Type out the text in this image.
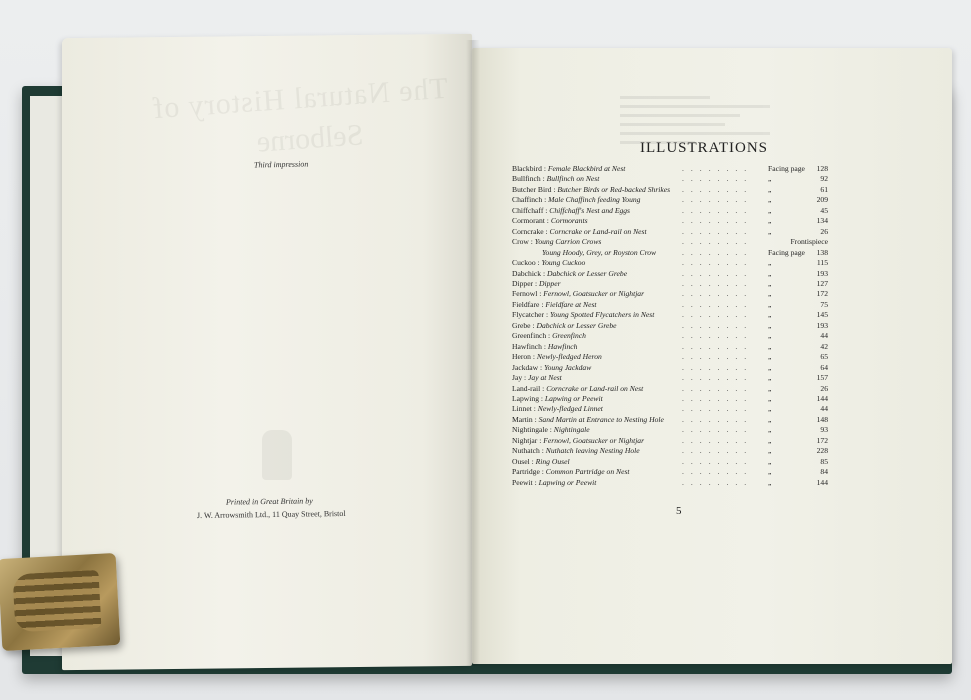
The Natural History of
Selborne
Third impression
Printed in Great Britain by
J. W. Arrowsmith Ltd., 11 Quay Street, Bristol
ILLUSTRATIONS
Blackbird : Female Blackbird at Nest	........	Facing page 128
Bullfinch : Bullfinch on Nest	........	„	92
Butcher Bird : Butcher Birds or Red-backed Shrikes ........	„	61
Chaffinch : Male Chaffinch feeding Young	........	„	209
Chiffchaff : Chiffchaff's Nest and Eggs	........	„	45
Cormorant : Cormorants	........	„	134
Corncrake : Corncrake or Land-rail on Nest	........	„	26
Crow : Young Carrion Crows	........	Frontispiece
Young Hoody, Grey, or Royston Crow	........	Facing page 138
Cuckoo : Young Cuckoo	........	„	115
Dabchick : Dabchick or Lesser Grebe	........	„	193
Dipper : Dipper	........	„	127
Fernowl : Fernowl, Goatsucker or Nightjar	........	„	172
Fieldfare : Fieldfare at Nest	........	„	75
Flycatcher : Young Spotted Flycatchers in Nest	........	„	145
Grebe : Dabchick or Lesser Grebe	........	„	193
Greenfinch : Greenfinch	........	„	44
Hawfinch : Hawfinch	........	„	42
Heron : Newly-fledged Heron	........	„	65
Jackdaw : Young Jackdaw	........	„	64
Jay : Jay at Nest	........	„	157
Land-rail : Corncrake or Land-rail on Nest	........	„	26
Lapwing : Lapwing or Peewit	........	„	144
Linnet : Newly-fledged Linnet	........	„	44
Martin : Sand Martin at Entrance to Nesting Hole ........	„	148
Nightingale : Nightingale	........	„	93
Nightjar : Fernowl, Goatsucker or Nightjar	........	„	172
Nuthatch : Nuthatch leaving Nesting Hole	........	„	228
Ousel : Ring Ousel	........	„	85
Partridge : Common Partridge on Nest	........	„	84
Peewit : Lapwing or Peewit	........	„	144
5
